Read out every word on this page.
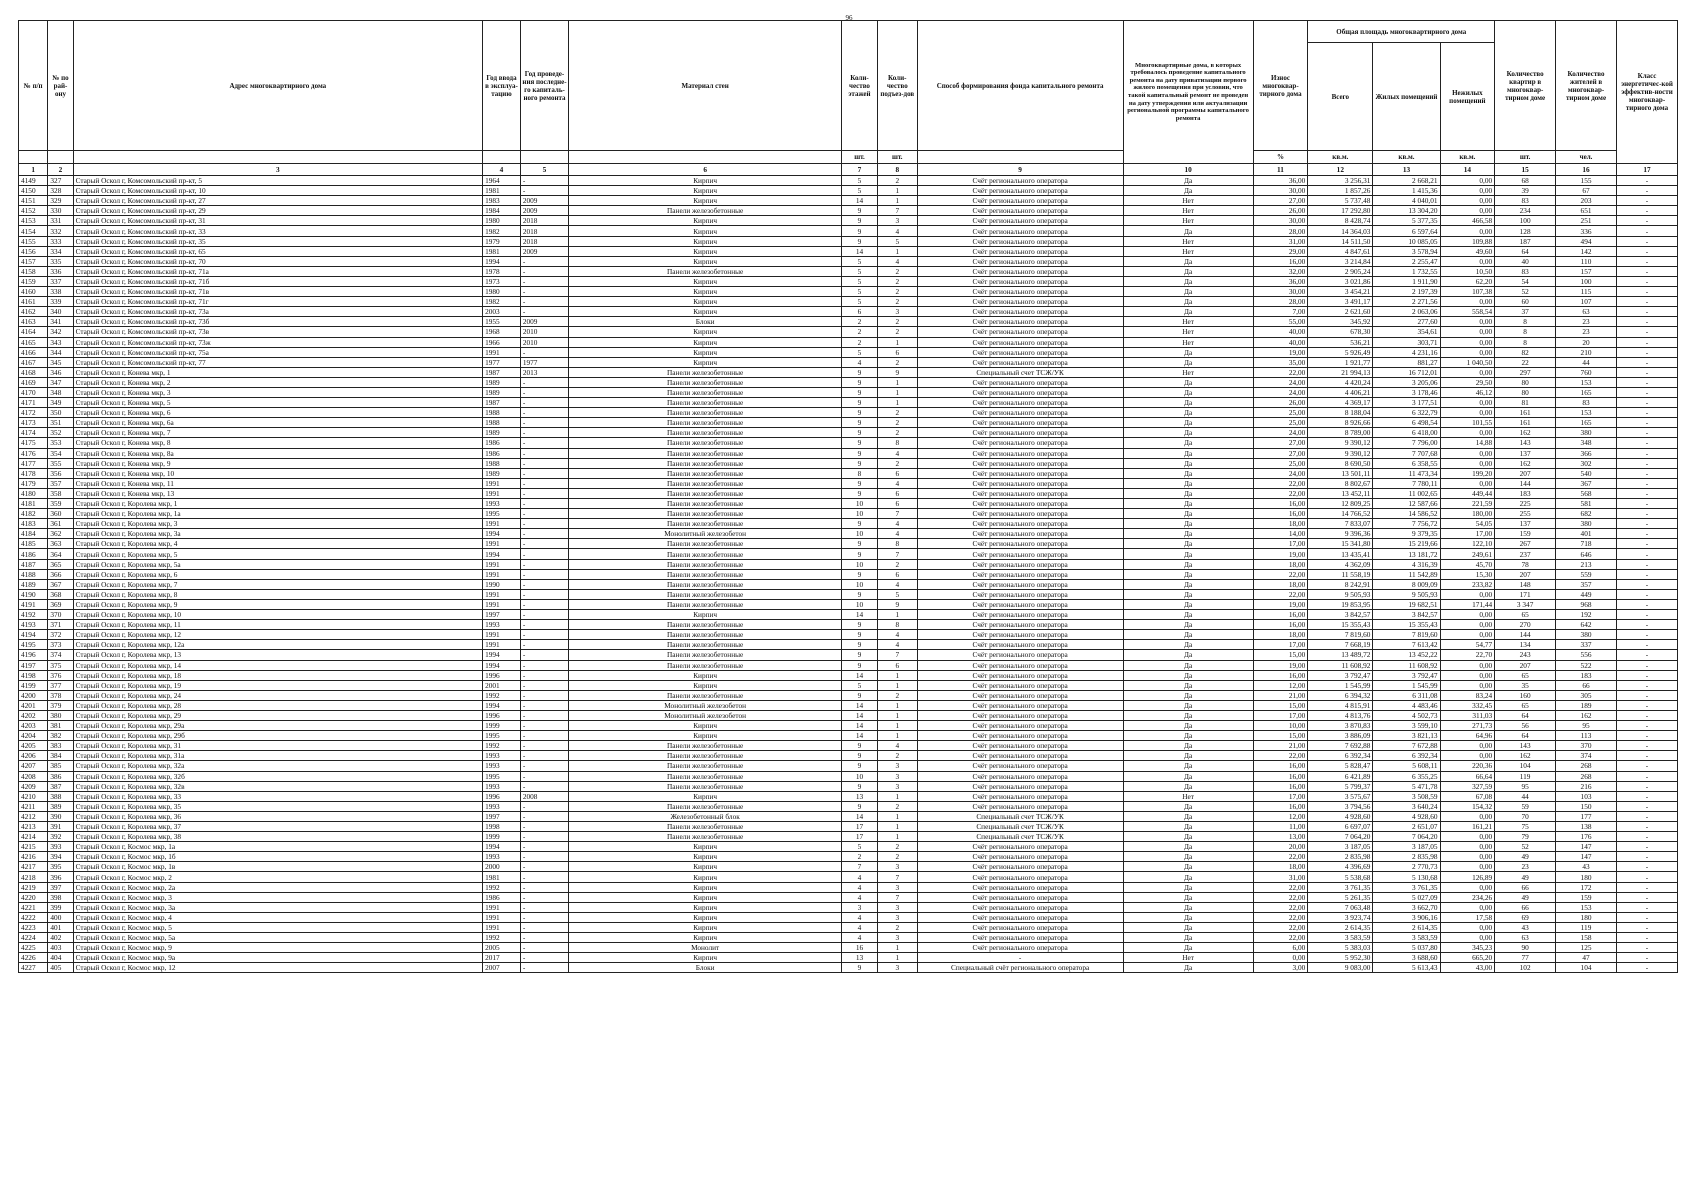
96
№ п/п	№ по рай-ону	Адрес многоквартирного дома	Год ввода в эксплуа-тацию	Год проведе-ния последне-го капиталь-ного ремонта	Материал стен	Коли-чество этажей	Коли-чество подъез-дов	Способ формирования фонда капитального ремонта	Многоквартирные дома, в которых требовалось проведение капитального ремонта на дату приватизации первого жилого помещения при условии, что такой капитальный ремонт не проведен на дату утверждения или актуализации региональной программы капитального ремонта	Износ многоквар-тирного дома	Общая площадь многоквартирного дома			Количество квартир в многоквар-тирном доме	Количество жителей в многоквар-тирном доме	Класс энергетичес-кой эффектив-ности многоквар-тирного дома
											Всего	Жилых помещений	Нежилых помещений			
						шт.	шт.			%	кв.м.	кв.м.	кв.м.	шт.	чел.	
1	2	3	4	5	6	7	8	9	10	11	12	13	14	15	16	17
4149	327	Старый Оскол г, Комсомольский пр-кт, 5	1964	-	Кирпич	5	2	Счёт регионального оператора	Да	36,00	3 256,31	2 668,21	0,00	68	155	-
4150	328	Старый Оскол г, Комсомольский пр-кт, 10	1981	-	Кирпич	5	1	Счёт регионального оператора	Да	30,00	1 857,26	1 415,36	0,00	39	67	-
4151	329	Старый Оскол г, Комсомольский пр-кт, 27	1983	2009	Кирпич	14	1	Счёт регионального оператора	Нет	27,00	5 737,48	4 040,01	0,00	83	203	-
4152	330	Старый Оскол г, Комсомольский пр-кт, 29	1984	2009	Панели железобетонные	9	7	Счёт регионального оператора	Нет	26,00	17 292,80	13 304,20	0,00	234	651	-
4153	331	Старый Оскол г, Комсомольский пр-кт, 31	1980	2018	Кирпич	9	3	Счёт регионального оператора	Нет	30,00	8 428,74	5 377,35	466,58	100	251	-
4154	332	Старый Оскол г, Комсомольский пр-кт, 33	1982	2018	Кирпич	9	4	Счёт регионального оператора	Да	28,00	14 364,03	6 597,64	0,00	128	336	-
4155	333	Старый Оскол г, Комсомольский пр-кт, 35	1979	2018	Кирпич	9	5	Счёт регионального оператора	Нет	31,00	14 511,50	10 085,05	109,88	187	494	-
4156	334	Старый Оскол г, Комсомольский пр-кт, 65	1981	2009	Кирпич	14	1	Счёт регионального оператора	Нет	29,00	4 847,61	3 578,94	49,60	64	142	-
4157	335	Старый Оскол г, Комсомольский пр-кт, 70	1994	-	Кирпич	5	4	Счёт регионального оператора	Да	16,00	3 214,84	2 255,47	0,00	40	110	-
4158	336	Старый Оскол г, Комсомольский пр-кт, 71а	1978	-	Панели железобетонные	5	2	Счёт регионального оператора	Да	32,00	2 905,24	1 732,55	10,50	83	157	-
4159	337	Старый Оскол г, Комсомольский пр-кт, 71б	1973	-	Кирпич	5	2	Счёт регионального оператора	Да	36,00	3 021,86	1 911,90	62,20	54	100	-
4160	338	Старый Оскол г, Комсомольский пр-кт, 71в	1980	-	Кирпич	5	2	Счёт регионального оператора	Да	30,00	3 454,21	2 197,39	107,38	52	115	-
4161	339	Старый Оскол г, Комсомольский пр-кт, 71г	1982	-	Кирпич	5	2	Счёт регионального оператора	Да	28,00	3 491,17	2 271,56	0,00	60	107	-
4162	340	Старый Оскол г, Комсомольский пр-кт, 73а	2003	-	Кирпич	6	3	Счёт регионального оператора	Да	7,00	2 621,60	2 063,06	558,54	37	63	-
4163	341	Старый Оскол г, Комсомольский пр-кт, 73б	1955	2009	Блоки	2	2	Счёт регионального оператора	Нет	55,00	345,92	277,60	0,00	8	23	-
4164	342	Старый Оскол г, Комсомольский пр-кт, 73в	1968	2010	Кирпич	2	2	Счёт регионального оператора	Нет	40,00	678,30	354,61	0,00	8	23	-
4165	343	Старый Оскол г, Комсомольский пр-кт, 73ж	1966	2010	Кирпич	2	1	Счёт регионального оператора	Нет	40,00	536,21	303,71	0,00	8	20	-
4166	344	Старый Оскол г, Комсомольский пр-кт, 75а	1991	-	Кирпич	5	6	Счёт регионального оператора	Да	19,00	5 926,49	4 231,16	0,00	82	210	-
4167	345	Старый Оскол г, Комсомольский пр-кт, 77	1977	1977	Кирпич	4	2	Счёт регионального оператора	Да	35,00	1 921,77	881,27	1 040,50	22	44	-
4168	346	Старый Оскол г, Конева мкр, 1	1987	2013	Панели железобетонные	9	9	Специальный счет ТСЖ/УК	Нет	22,00	21 994,13	16 712,01	0,00	297	760	-
4169	347	Старый Оскол г, Конева мкр, 2	1989	-	Панели железобетонные	9	1	Счёт регионального оператора	Да	24,00	4 420,24	3 205,06	29,50	80	153	-
4170	348	Старый Оскол г, Конева мкр, 3	1989	-	Панели железобетонные	9	1	Счёт регионального оператора	Да	24,00	4 406,21	3 178,46	46,12	80	165	-
4171	349	Старый Оскол г, Конева мкр, 5	1987	-	Панели железобетонные	9	1	Счёт регионального оператора	Да	26,00	4 369,17	3 177,51	0,00	81	83	-
4172	350	Старый Оскол г, Конева мкр, 6	1988	-	Панели железобетонные	9	2	Счёт регионального оператора	Да	25,00	8 188,04	6 322,79	0,00	161	153	-
4173	351	Старый Оскол г, Конева мкр, 6а	1988	-	Панели железобетонные	9	2	Счёт регионального оператора	Да	25,00	8 926,66	6 498,54	101,55	161	165	-
4174	352	Старый Оскол г, Конева мкр, 7	1989	-	Панели железобетонные	9	2	Счёт регионального оператора	Да	24,00	8 789,00	6 418,00	0,00	162	380	-
4175	353	Старый Оскол г, Конева мкр, 8	1986	-	Панели железобетонные	9	8	Счёт регионального оператора	Да	27,00	9 390,12	7 796,00	14,88	143	348	-
4176	354	Старый Оскол г, Конева мкр, 8а	1986	-	Панели железобетонные	9	4	Счёт регионального оператора	Да	27,00	9 390,12	7 707,68	0,00	137	366	-
4177	355	Старый Оскол г, Конева мкр, 9	1988	-	Панели железобетонные	9	2	Счёт регионального оператора	Да	25,00	8 690,50	6 358,55	0,00	162	302	-
4178	356	Старый Оскол г, Конева мкр, 10	1989	-	Панели железобетонные	8	6	Счёт регионального оператора	Да	24,00	13 501,11	11 473,34	199,20	207	540	-
4179	357	Старый Оскол г, Конева мкр, 11	1991	-	Панели железобетонные	9	4	Счёт регионального оператора	Да	22,00	8 802,67	7 780,11	0,00	144	367	-
4180	358	Старый Оскол г, Конева мкр, 13	1991	-	Панели железобетонные	9	6	Счёт регионального оператора	Да	22,00	13 452,11	11 002,65	449,44	183	568	-
4181	359	Старый Оскол г, Королева мкр, 1	1993	-	Панели железобетонные	10	6	Счёт регионального оператора	Да	16,00	12 809,25	12 587,66	221,59	225	581	-
4182	360	Старый Оскол г, Королева мкр, 1а	1995	-	Панели железобетонные	10	7	Счёт регионального оператора	Да	16,00	14 766,52	14 586,52	180,00	255	682	-
4183	361	Старый Оскол г, Королева мкр, 3	1991	-	Панели железобетонные	9	4	Счёт регионального оператора	Да	18,00	7 833,07	7 756,72	54,05	137	380	-
4184	362	Старый Оскол г, Королева мкр, 3а	1994	-	Монолитный железобетон	10	4	Счёт регионального оператора	Да	14,00	9 396,36	9 379,35	17,00	159	401	-
4185	363	Старый Оскол г, Королева мкр, 4	1991	-	Панели железобетонные	9	8	Счёт регионального оператора	Да	17,00	15 341,80	15 219,66	122,10	267	718	-
4186	364	Старый Оскол г, Королева мкр, 5	1994	-	Панели железобетонные	9	7	Счёт регионального оператора	Да	19,00	13 435,41	13 181,72	249,61	237	646	-
4187	365	Старый Оскол г, Королева мкр, 5а	1991	-	Панели железобетонные	10	2	Счёт регионального оператора	Да	18,00	4 362,09	4 316,39	45,70	78	213	-
4188	366	Старый Оскол г, Королева мкр, 6	1991	-	Панели железобетонные	9	6	Счёт регионального оператора	Да	22,00	11 558,19	11 542,89	15,30	207	559	-
4189	367	Старый Оскол г, Королева мкр, 7	1990	-	Панели железобетонные	10	4	Счёт регионального оператора	Да	18,00	8 242,91	8 009,09	233,82	148	357	-
4190	368	Старый Оскол г, Королева мкр, 8	1991	-	Панели железобетонные	9	5	Счёт регионального оператора	Да	22,00	9 505,93	9 505,93	0,00	171	449	-
4191	369	Старый Оскол г, Королева мкр, 9	1991	-	Панели железобетонные	10	9	Счёт регионального оператора	Да	19,00	19 853,95	19 682,51	171,44	3 347	968	-
4192	370	Старый Оскол г, Королева мкр, 10	1997	-	Кирпич	14	1	Счёт регионального оператора	Да	16,00	3 842,57	3 842,57	0,00	65	192	-
4193	371	Старый Оскол г, Королева мкр, 11	1993	-	Панели железобетонные	9	8	Счёт регионального оператора	Да	16,00	15 355,43	15 355,43	0,00	270	642	-
4194	372	Старый Оскол г, Королева мкр, 12	1991	-	Панели железобетонные	9	4	Счёт регионального оператора	Да	18,00	7 819,60	7 819,60	0,00	144	380	-
4195	373	Старый Оскол г, Королева мкр, 12а	1991	-	Панели железобетонные	9	4	Счёт регионального оператора	Да	17,00	7 668,19	7 613,42	54,77	134	337	-
4196	374	Старый Оскол г, Королева мкр, 13	1994	-	Панели железобетонные	9	7	Счёт регионального оператора	Да	15,00	13 489,72	13 452,22	22,70	243	556	-
4197	375	Старый Оскол г, Королева мкр, 14	1994	-	Панели железобетонные	9	6	Счёт регионального оператора	Да	19,00	11 608,92	11 608,92	0,00	207	522	-
4198	376	Старый Оскол г, Королева мкр, 18	1996	-	Кирпич	14	1	Счёт регионального оператора	Да	16,00	3 792,47	3 792,47	0,00	65	183	-
4199	377	Старый Оскол г, Королева мкр, 19	2001	-	Кирпич	5	1	Счёт регионального оператора	Да	12,00	1 545,99	1 545,99	0,00	35	66	-
4200	378	Старый Оскол г, Королева мкр, 24	1992	-	Панели железобетонные	9	2	Счёт регионального оператора	Да	21,00	6 394,32	6 311,08	83,24	160	305	-
4201	379	Старый Оскол г, Королева мкр, 28	1994	-	Монолитный железобетон	14	1	Счёт регионального оператора	Да	15,00	4 815,91	4 483,46	332,45	65	189	-
4202	380	Старый Оскол г, Королева мкр, 29	1996	-	Монолитный железобетон	14	1	Счёт регионального оператора	Да	17,00	4 813,76	4 502,73	311,03	64	162	-
4203	381	Старый Оскол г, Королева мкр, 29а	1999	-	Кирпич	14	1	Счёт регионального оператора	Да	10,00	3 870,83	3 599,10	271,73	56	95	-
4204	382	Старый Оскол г, Королева мкр, 29б	1995	-	Кирпич	14	1	Счёт регионального оператора	Да	15,00	3 886,09	3 821,13	64,96	64	113	-
4205	383	Старый Оскол г, Королева мкр, 31	1992	-	Панели железобетонные	9	4	Счёт регионального оператора	Да	21,00	7 692,88	7 672,88	0,00	143	370	-
4206	384	Старый Оскол г, Королева мкр, 31а	1993	-	Панели железобетонные	9	2	Счёт регионального оператора	Да	22,00	6 392,34	6 392,34	0,00	162	374	-
4207	385	Старый Оскол г, Королева мкр, 32а	1993	-	Панели железобетонные	9	3	Счёт регионального оператора	Да	16,00	5 828,47	5 608,11	220,36	104	268	-
4208	386	Старый Оскол г, Королева мкр, 32б	1995	-	Панели железобетонные	10	3	Счёт регионального оператора	Да	16,00	6 421,89	6 355,25	66,64	119	268	-
4209	387	Старый Оскол г, Королева мкр, 32в	1993	-	Панели железобетонные	9	3	Счёт регионального оператора	Да	16,00	5 799,37	5 471,78	327,59	95	216	-
4210	388	Старый Оскол г, Королева мкр, 33	1996	2008	Кирпич	13	1	Счёт регионального оператора	Нет	17,00	3 575,67	3 508,59	67,08	44	103	-
4211	389	Старый Оскол г, Королева мкр, 35	1993	-	Панели железобетонные	9	2	Счёт регионального оператора	Да	16,00	3 794,56	3 640,24	154,32	59	150	-
4212	390	Старый Оскол г, Королева мкр, 36	1997	-	Железобетонный блок	14	1	Специальный счет ТСЖ/УК	Да	12,00	4 928,60	4 928,60	0,00	70	177	-
4213	391	Старый Оскол г, Королева мкр, 37	1998	-	Панели железобетонные	17	1	Специальный счет ТСЖ/УК	Да	11,00	6 697,07	2 651,07	161,21	75	138	-
4214	392	Старый Оскол г, Королева мкр, 38	1999	-	Панели железобетонные	17	1	Специальный счет ТСЖ/УК	Да	13,00	7 064,20	7 064,20	0,00	79	176	-
4215	393	Старый Оскол г, Космос мкр, 1а	1994	-	Кирпич	5	2	Счёт регионального оператора	Да	20,00	3 187,05	3 187,05	0,00	52	147	-
4216	394	Старый Оскол г, Космос мкр, 1б	1993	-	Кирпич	2	2	Счёт регионального оператора	Да	22,00	2 835,98	2 835,98	0,00	49	147	-
4217	395	Старый Оскол г, Космос мкр, 1в	2000	-	Кирпич	7	3	Счёт регионального оператора	Да	18,00	4 396,69	2 770,73	0,00	23	43	-
4218	396	Старый Оскол г, Космос мкр, 2	1981	-	Кирпич	4	7	Счёт регионального оператора	Да	31,00	5 538,68	5 130,68	126,89	49	180	-
4219	397	Старый Оскол г, Космос мкр, 2а	1992	-	Кирпич	4	3	Счёт регионального оператора	Да	22,00	3 761,35	3 761,35	0,00	66	172	-
4220	398	Старый Оскол г, Космос мкр, 3	1986	-	Кирпич	4	7	Счёт регионального оператора	Да	22,00	5 261,35	5 027,09	234,26	49	159	-
4221	399	Старый Оскол г, Космос мкр, 3а	1991	-	Кирпич	3	3	Счёт регионального оператора	Да	22,00	7 063,48	3 662,70	0,00	66	153	-
4222	400	Старый Оскол г, Космос мкр, 4	1991	-	Кирпич	4	3	Счёт регионального оператора	Да	22,00	3 923,74	3 906,16	17,58	69	180	-
4223	401	Старый Оскол г, Космос мкр, 5	1991	-	Кирпич	4	2	Счёт регионального оператора	Да	22,00	2 614,35	2 614,35	0,00	43	119	-
4224	402	Старый Оскол г, Космос мкр, 5а	1992	-	Кирпич	4	3	Счёт регионального оператора	Да	22,00	3 583,59	3 583,59	0,00	63	158	-
4225	403	Старый Оскол г, Космос мкр, 9	2005	-	Монолит	16	1	Счёт регионального оператора	Да	6,00	5 383,03	5 037,80	345,23	90	125	-
4226	404	Старый Оскол г, Космос мкр, 9а	2017	-	Кирпич	13	1	-	Нет	0,00	5 952,30	3 688,60	665,20	77	47	-
4227	405	Старый Оскол г, Космос мкр, 12	2007	-	Блоки	9	3	Специальный счёт регионального оператора	Да	3,00	9 083,00	5 613,43	43,00	102	104	-
